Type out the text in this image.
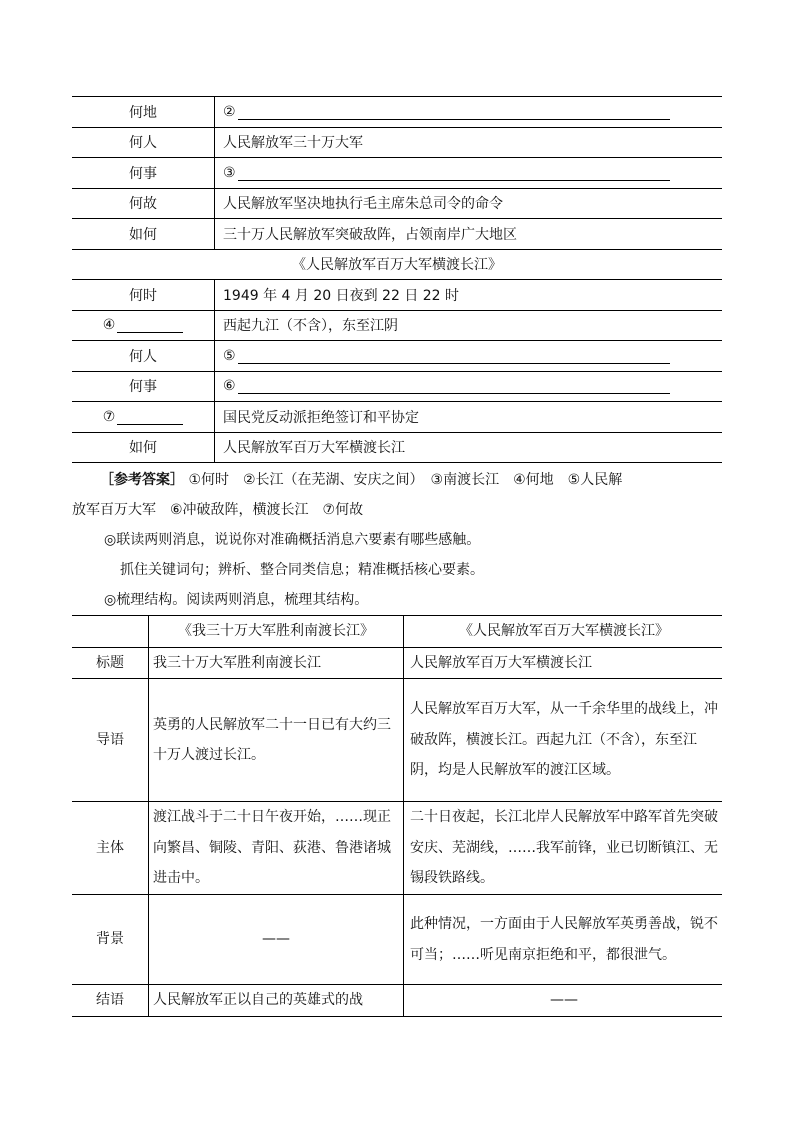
何地	②
何人	人民解放军三十万大军
何事	③
何故	人民解放军坚决地执行毛主席朱总司令的命令
如何	三十万人民解放军突破敌阵，占领南岸广大地区
《人民解放军百万大军横渡长江》	
何时	1949 年 4 月 20 日夜到 22 日 22 时
④	西起九江（不含），东至江阴
何人	⑤
何事	⑥
⑦	国民党反动派拒绝签订和平协定
如何	人民解放军百万大军横渡长江
［参考答案］ ①何时　②长江（在芜湖、安庆之间）　③南渡长江　④何地　⑤人民解
放军百万大军　⑥冲破敌阵，横渡长江　⑦何故
◎联读两则消息，说说你对准确概括消息六要素有哪些感触。
抓住关键词句；辨析、整合同类信息；精准概括核心要素。
◎梳理结构。阅读两则消息，梳理其结构。
	《我三十万大军胜利南渡长江》	《人民解放军百万大军横渡长江》
标题	我三十万大军胜利南渡长江	人民解放军百万大军横渡长江
导语	英勇的人民解放军二十一日已有大约三十万人渡过长江。	人民解放军百万大军，从一千余华里的战线上，冲破敌阵，横渡长江。西起九江（不含），东至江阴，均是人民解放军的渡江区域。
主体	渡江战斗于二十日午夜开始，……现正向繁昌、铜陵、青阳、荻港、鲁港诸城进击中。	二十日夜起，长江北岸人民解放军中路军首先突破安庆、芜湖线，……我军前锋，业已切断镇江、无锡段铁路线。
背景	——	此种情况，一方面由于人民解放军英勇善战，锐不可当；……听见南京拒绝和平，都很泄气。
结语	人民解放军正以自己的英雄式的战	——
